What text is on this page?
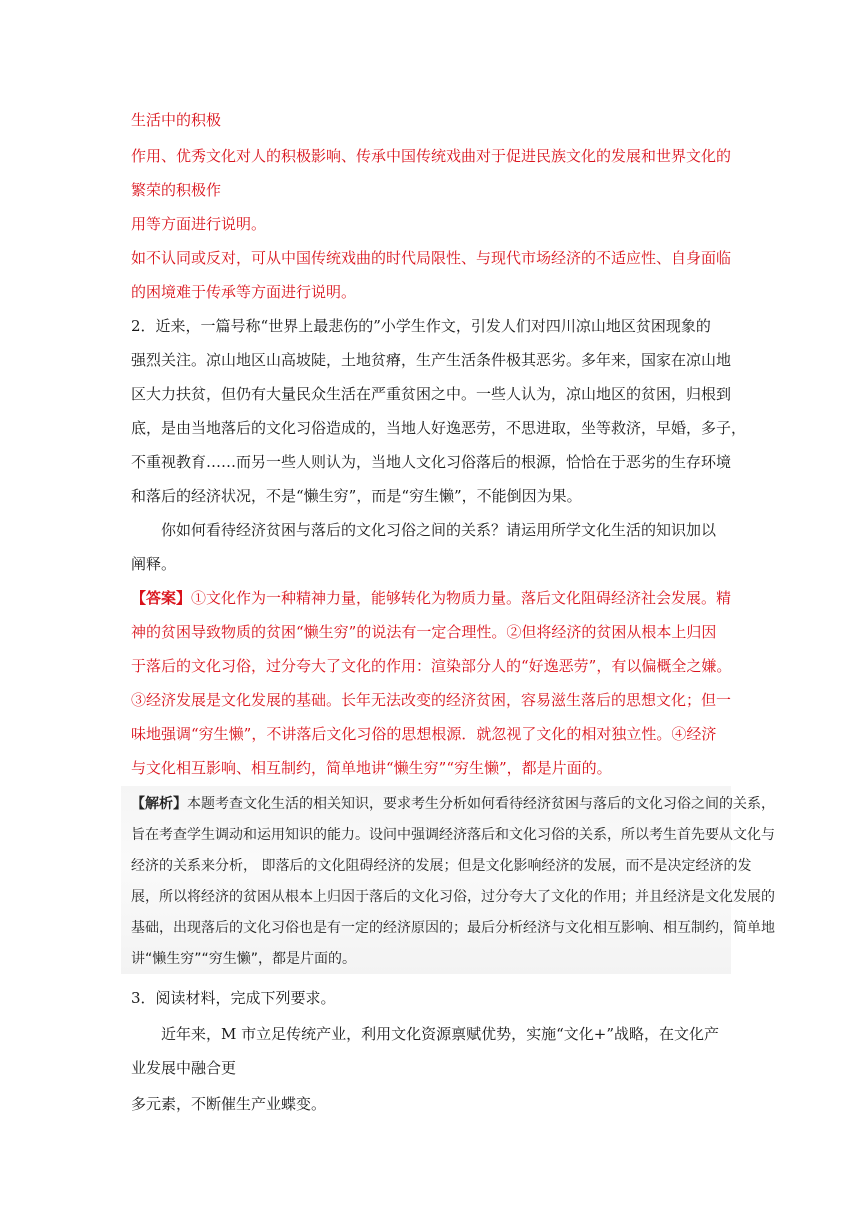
生活中的积极
作用、优秀文化对人的积极影响、传承中国传统戏曲对于促进民族文化的发展和世界文化的
繁荣的积极作
用等方面进行说明。
如不认同或反对，可从中国传统戏曲的时代局限性、与现代市场经济的不适应性、自身面临
的困境难于传承等方面进行说明。
2．近来，一篇号称“世界上最悲伤的”小学生作文，引发人们对四川凉山地区贫困现象的
强烈关注。凉山地区山高坡陡，土地贫瘠，生产生活条件极其恶劣。多年来，国家在凉山地
区大力扶贫，但仍有大量民众生活在严重贫困之中。一些人认为，凉山地区的贫困，归根到
底，是由当地落后的文化习俗造成的，当地人好逸恶劳，不思进取，坐等救济，早婚，多子，
不重视教育……而另一些人则认为，当地人文化习俗落后的根源，恰恰在于恶劣的生存环境
和落后的经济状况，不是“懒生穷”，而是“穷生懒”，不能倒因为果。
你如何看待经济贫困与落后的文化习俗之间的关系？请运用所学文化生活的知识加以
阐释。
【答案】①文化作为一种精神力量，能够转化为物质力量。落后文化阻碍经济社会发展。精
神的贫困导致物质的贫困“懒生穷”的说法有一定合理性。②但将经济的贫困从根本上归因
于落后的文化习俗，过分夸大了文化的作用：渲染部分人的“好逸恶劳”，有以偏概全之嫌。
③经济发展是文化发展的基础。长年无法改变的经济贫困，容易滋生落后的思想文化；但一
味地强调“穷生懒”，不讲落后文化习俗的思想根源．就忽视了文化的相对独立性。④经济
与文化相互影响、相互制约，简单地讲“懒生穷”“穷生懒”，都是片面的。
【解析】本题考查文化生活的相关知识，要求考生分析如何看待经济贫困与落后的文化习俗之间的关系，
旨在考查学生调动和运用知识的能力。设问中强调经济落后和文化习俗的关系，所以考生首先要从文化与
经济的关系来分析， 即落后的文化阻碍经济的发展；但是文化影响经济的发展，而不是决定经济的发
展，所以将经济的贫困从根本上归因于落后的文化习俗，过分夸大了文化的作用；并且经济是文化发展的
基础，出现落后的文化习俗也是有一定的经济原因的；最后分析经济与文化相互影响、相互制约，简单地
讲“懒生穷”“穷生懒”，都是片面的。
3．阅读材料，完成下列要求。
近年来，M 市立足传统产业，利用文化资源禀赋优势，实施“文化+”战略，在文化产
业发展中融合更
多元素，不断催生产业蝶变。
